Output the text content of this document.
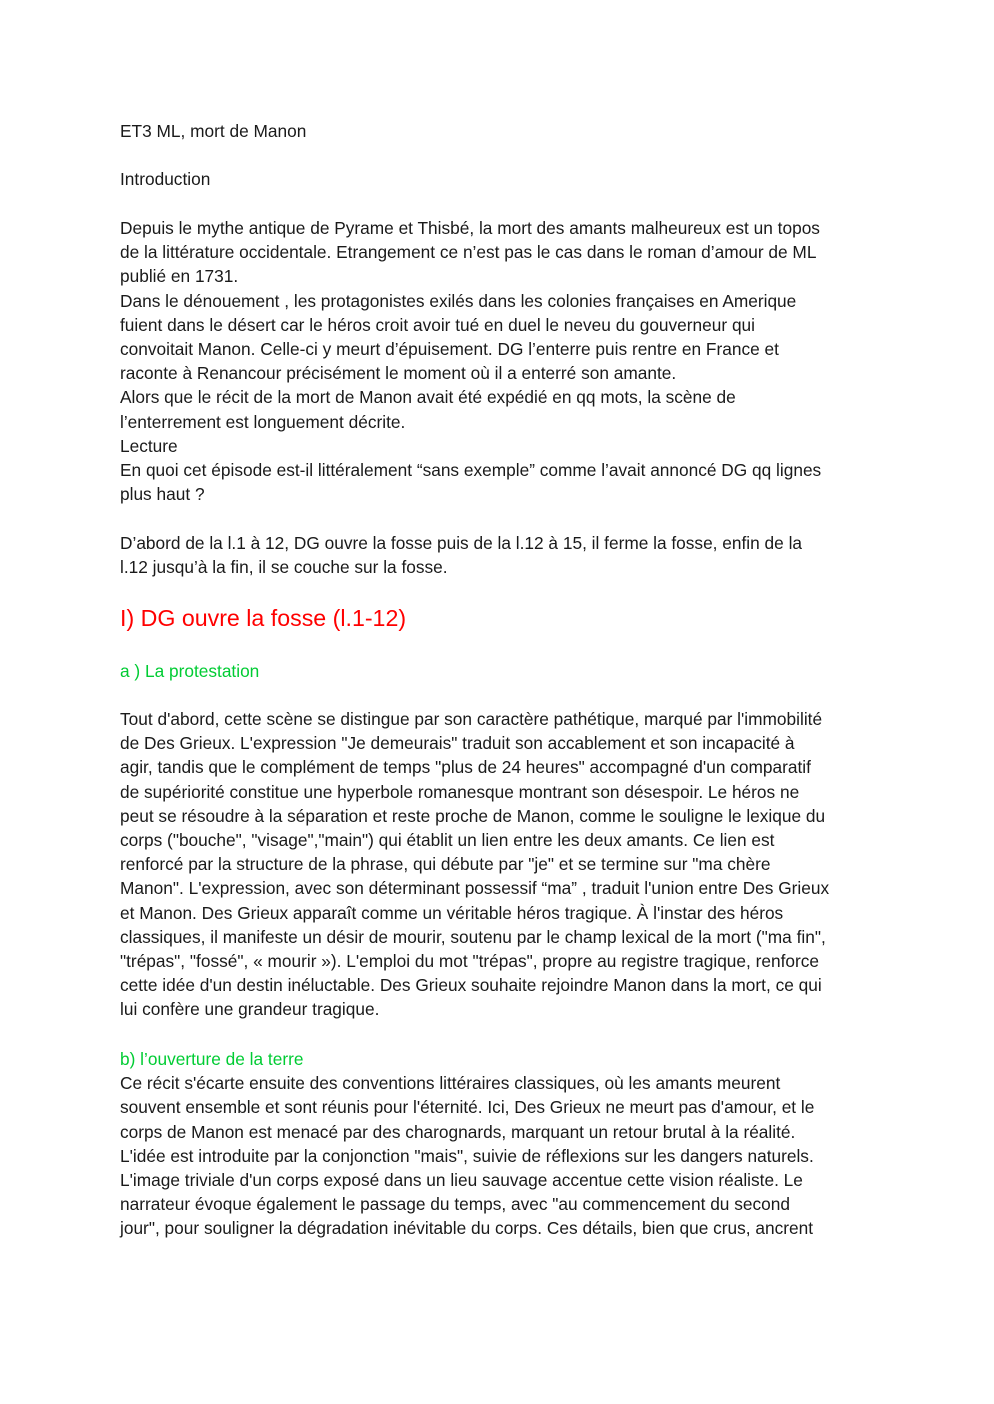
ET3 ML, mort de Manon

Introduction

Depuis le mythe antique de Pyrame et Thisbé, la mort des amants malheureux est un topos

de la littérature occidentale. Etrangement ce n’est pas le cas dans le roman d’amour de ML

publié en 1731.

Dans le dénouement , les protagonistes exilés dans les colonies françaises en Amerique

fuient dans le désert car le héros croit avoir tué en duel le neveu du gouverneur qui

convoitait Manon. Celle-ci y meurt d’épuisement. DG l’enterre puis rentre en France et

raconte à Renancour précisément le moment où il a enterré son amante.

Alors que le récit de la mort de Manon avait été expédié en qq mots, la scène de

l’enterrement est longuement décrite.

Lecture

En quoi cet épisode est-il littéralement “sans exemple” comme l’avait annoncé DG qq lignes

plus haut ?

D’abord de la l.1 à 12, DG ouvre la fosse puis de la l.12 à 15, il ferme la fosse, enfin de la

l.12 jusqu’à la fin, il se couche sur la fosse.

I) DG ouvre la fosse (l.1-12)

a ) La protestation

Tout d'abord, cette scène se distingue par son caractère pathétique, marqué par l'immobilité

de Des Grieux. L'expression "Je demeurais" traduit son accablement et son incapacité à

agir, tandis que le complément de temps "plus de 24 heures" accompagné d'un comparatif

de supériorité constitue une hyperbole romanesque montrant son désespoir. Le héros ne

peut se résoudre à la séparation et reste proche de Manon, comme le souligne le lexique du

corps ("bouche", "visage","main") qui établit un lien entre les deux amants. Ce lien est

renforcé par la structure de la phrase, qui débute par "je" et se termine sur "ma chère

Manon". L'expression, avec son déterminant possessif “ma” , traduit l'union entre Des Grieux

et Manon. Des Grieux apparaît comme un véritable héros tragique. À l'instar des héros

classiques, il manifeste un désir de mourir, soutenu par le champ lexical de la mort ("ma fin",

"trépas", "fossé", « mourir »). L'emploi du mot "trépas", propre au registre tragique, renforce

cette idée d'un destin inéluctable. Des Grieux souhaite rejoindre Manon dans la mort, ce qui

lui confère une grandeur tragique.

b) l’ouverture de la terre

Ce récit s'écarte ensuite des conventions littéraires classiques, où les amants meurent

souvent ensemble et sont réunis pour l'éternité. Ici, Des Grieux ne meurt pas d'amour, et le

corps de Manon est menacé par des charognards, marquant un retour brutal à la réalité.

L'idée est introduite par la conjonction "mais", suivie de réflexions sur les dangers naturels.

L'image triviale d'un corps exposé dans un lieu sauvage accentue cette vision réaliste. Le

narrateur évoque également le passage du temps, avec "au commencement du second

jour", pour souligner la dégradation inévitable du corps. Ces détails, bien que crus, ancrent
